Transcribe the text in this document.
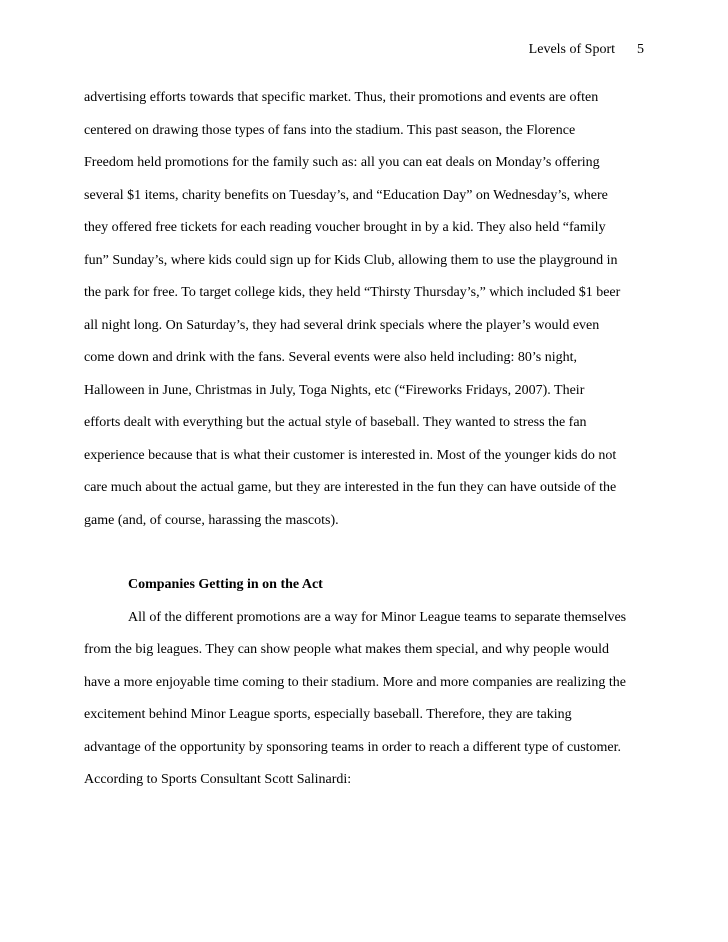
Levels of Sport 5
advertising efforts towards that specific market. Thus, their promotions and events are often
centered on drawing those types of fans into the stadium. This past season, the Florence
Freedom held promotions for the family such as: all you can eat deals on Monday’s offering
several $1 items, charity benefits on Tuesday’s, and “Education Day” on Wednesday’s, where
they offered free tickets for each reading voucher brought in by a kid. They also held “family
fun” Sunday’s, where kids could sign up for Kids Club, allowing them to use the playground in
the park for free. To target college kids, they held “Thirsty Thursday’s,” which included $1 beer
all night long. On Saturday’s, they had several drink specials where the player’s would even
come down and drink with the fans. Several events were also held including: 80’s night,
Halloween in June, Christmas in July, Toga Nights, etc (“Fireworks Fridays, 2007). Their
efforts dealt with everything but the actual style of baseball. They wanted to stress the fan
experience because that is what their customer is interested in. Most of the younger kids do not
care much about the actual game, but they are interested in the fun they can have outside of the
game (and, of course, harassing the mascots).
Companies Getting in on the Act
All of the different promotions are a way for Minor League teams to separate themselves
from the big leagues. They can show people what makes them special, and why people would
have a more enjoyable time coming to their stadium. More and more companies are realizing the
excitement behind Minor League sports, especially baseball. Therefore, they are taking
advantage of the opportunity by sponsoring teams in order to reach a different type of customer.
According to Sports Consultant Scott Salinardi:
